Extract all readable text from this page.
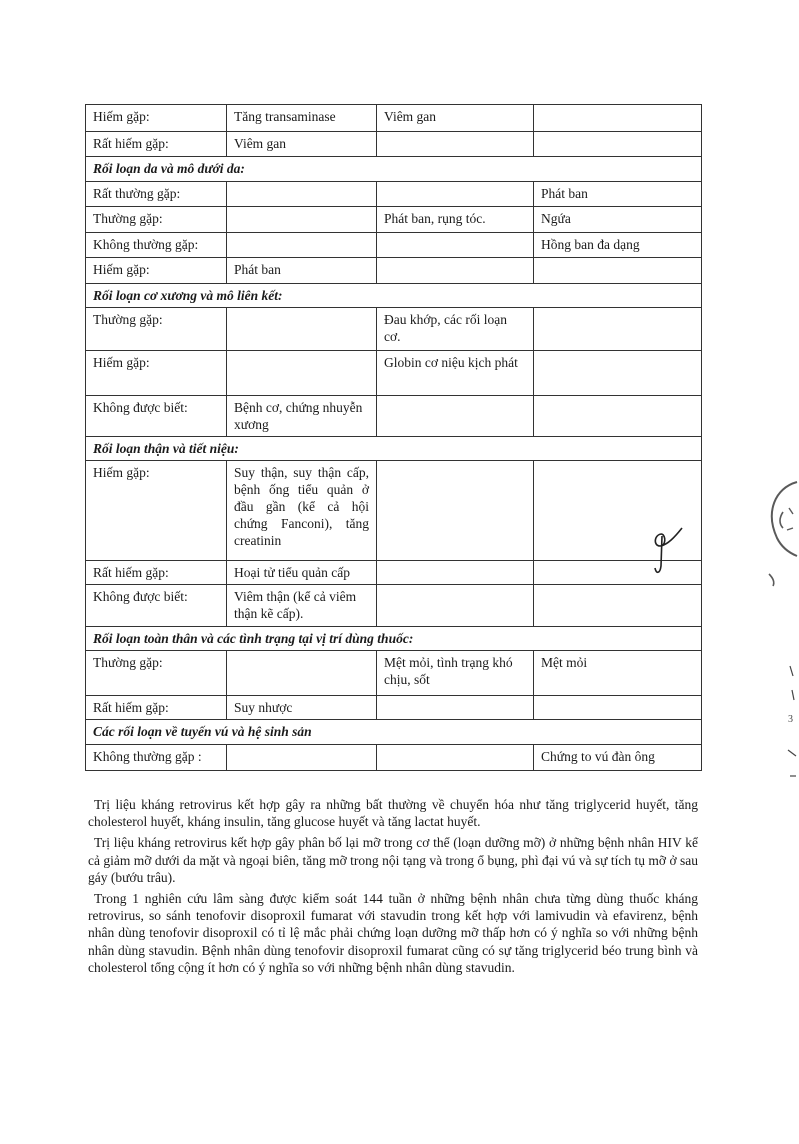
Hiếm gặp:	Tăng transaminase	Viêm gan	
Rất hiếm gặp:	Viêm gan		
Rối loạn da và mô dưới da:			
Rất thường gặp:			Phát ban
Thường gặp:		Phát ban, rụng tóc.	Ngứa
Không thường gặp:			Hồng ban đa dạng
Hiếm gặp:	Phát ban		
Rối loạn cơ xương và mô liên kết:			
Thường gặp:		Đau khớp, các rối loạn cơ.	
Hiếm gặp:		Globin cơ niệu kịch phát	
Không được biết:	Bệnh cơ, chứng nhuyễn xương		
Rối loạn thận và tiết niệu:			
Hiếm gặp:	Suy thận, suy thận cấp, bệnh ống tiểu quản ở đầu gần (kể cả hội chứng Fanconi), tăng creatinin		
Rất hiếm gặp:	Hoại tử tiểu quản cấp		
Không được biết:	Viêm thận (kể cả viêm thận kẽ cấp).		
Rối loạn toàn thân và các tình trạng tại vị trí dùng thuốc:			
Thường gặp:		Mệt mỏi, tình trạng khó chịu, sốt	Mệt mỏi
Rất hiếm gặp:	Suy nhược		
Các rối loạn về tuyến vú và hệ sinh sản			
Không thường gặp :			Chứng to vú đàn ông

Trị liệu kháng retrovirus kết hợp gây ra những bất thường về chuyển hóa như tăng triglycerid huyết, tăng cholesterol huyết, kháng insulin, tăng glucose huyết và tăng lactat huyết.

Trị liệu kháng retrovirus kết hợp gây phân bố lại mỡ trong cơ thể (loạn dưỡng mỡ) ở những bệnh nhân HIV kể cả giảm mỡ dưới da mặt và ngoại biên, tăng mỡ trong nội tạng và trong ổ bụng, phì đại vú và sự tích tụ mỡ ở sau gáy (bướu trâu).

Trong 1 nghiên cứu lâm sàng được kiểm soát 144 tuần ở những bệnh nhân chưa từng dùng thuốc kháng retrovirus, so sánh tenofovir disoproxil fumarat với stavudin trong kết hợp với lamivudin và efavirenz, bệnh nhân dùng tenofovir disoproxil có tỉ lệ mắc phải chứng loạn dưỡng mỡ thấp hơn có ý nghĩa so với những bệnh nhân dùng stavudin. Bệnh nhân dùng tenofovir disoproxil fumarat cũng có sự tăng triglycerid béo trung bình và cholesterol tổng cộng ít hơn có ý nghĩa so với những bệnh nhân dùng stavudin.

3
